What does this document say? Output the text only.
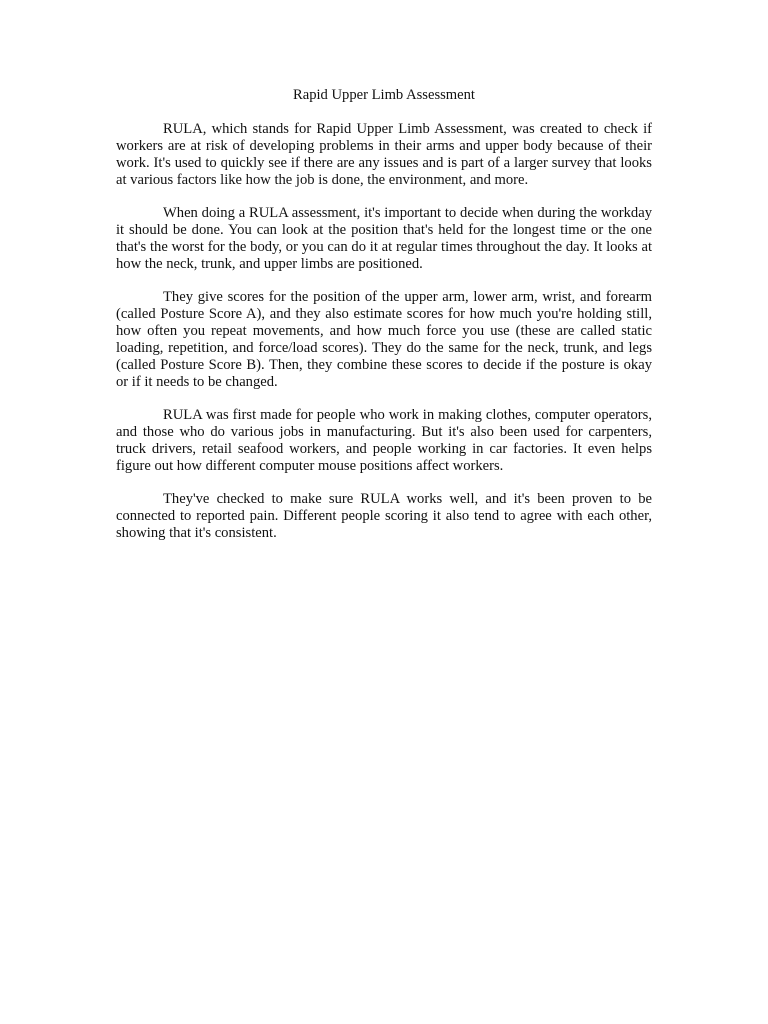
Rapid Upper Limb Assessment

RULA, which stands for Rapid Upper Limb Assessment, was created to check if workers are at risk of developing problems in their arms and upper body because of their work. It's used to quickly see if there are any issues and is part of a larger survey that looks at various factors like how the job is done, the environment, and more.

When doing a RULA assessment, it's important to decide when during the workday it should be done. You can look at the position that's held for the longest time or the one that's the worst for the body, or you can do it at regular times throughout the day. It looks at how the neck, trunk, and upper limbs are positioned.

They give scores for the position of the upper arm, lower arm, wrist, and forearm (called Posture Score A), and they also estimate scores for how much you're holding still, how often you repeat movements, and how much force you use (these are called static loading, repetition, and force/load scores). They do the same for the neck, trunk, and legs (called Posture Score B). Then, they combine these scores to decide if the posture is okay or if it needs to be changed.

RULA was first made for people who work in making clothes, computer operators, and those who do various jobs in manufacturing. But it's also been used for carpenters, truck drivers, retail seafood workers, and people working in car factories. It even helps figure out how different computer mouse positions affect workers.

They've checked to make sure RULA works well, and it's been proven to be connected to reported pain. Different people scoring it also tend to agree with each other, showing that it's consistent.
